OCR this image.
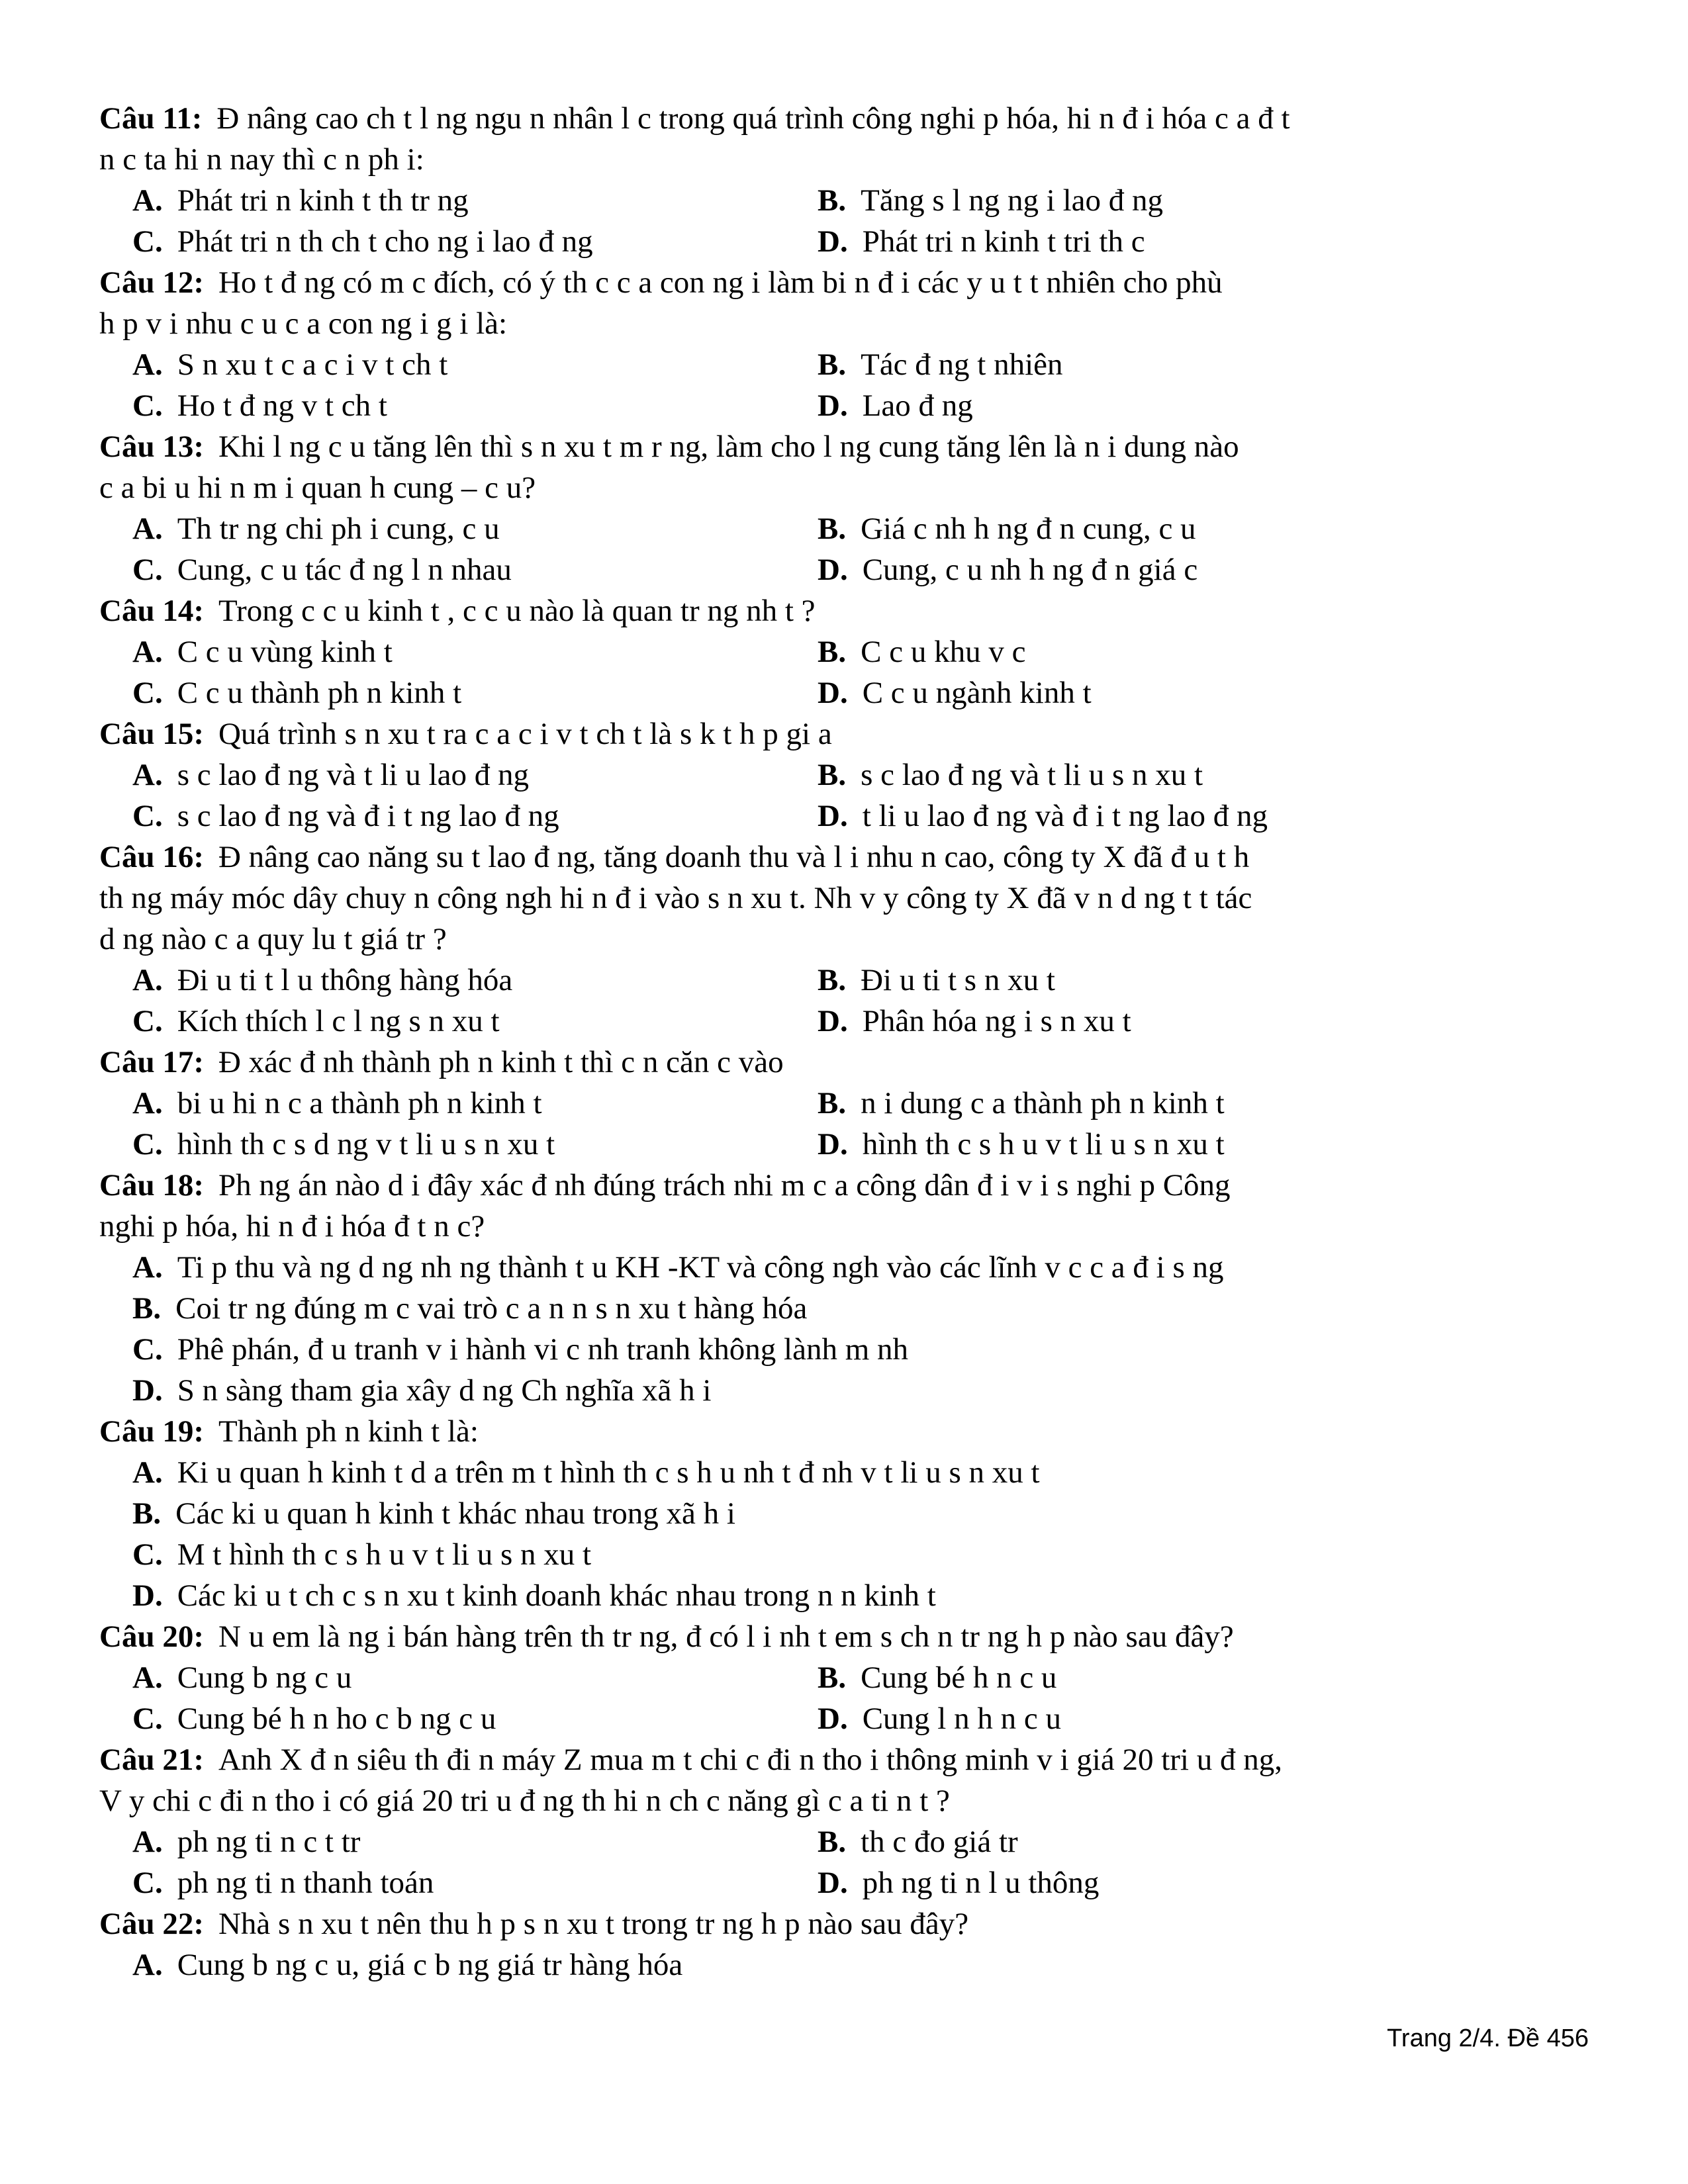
Câu 11: Đ nâng cao ch t l ng ngu n nhân l c trong quá trình công nghi p hóa, hi n đ i hóa c a đ t
n c ta hi n nay thì c n ph i:
A. Phát tri n kinh t th tr ng	B. Tăng s l ng ng i lao đ ng
C. Phát tri n th ch t cho ng i lao đ ng	D. Phát tri n kinh t tri th c
Câu 12: Ho t đ ng có m c đích, có ý th c c a con ng i làm bi n đ i các y u t t nhiên cho phù
h p v i nhu c u c a con ng i g i là:
A. S n xu t c a c i v t ch t	B. Tác đ ng t nhiên
C. Ho t đ ng v t ch t	D. Lao đ ng
Câu 13: Khi l ng c u tăng lên thì s n xu t m r ng, làm cho l ng cung tăng lên là n i dung nào
c a bi u hi n m i quan h cung – c u?
A. Th tr ng chi ph i cung, c u	B. Giá c nh h ng đ n cung, c u
C. Cung, c u tác đ ng l n nhau	D. Cung, c u nh h ng đ n giá c
Câu 14: Trong c c u kinh t , c c u nào là quan tr ng nh t ?
A. C c u vùng kinh t	B. C c u khu v c
C. C c u thành ph n kinh t	D. C c u ngành kinh t
Câu 15: Quá trình s n xu t ra c a c i v t ch t là s k t h p gi a
A. s c lao đ ng và t li u lao đ ng	B. s c lao đ ng và t li u s n xu t
C. s c lao đ ng và đ i t ng lao đ ng	D. t li u lao đ ng và đ i t ng lao đ ng
Câu 16: Đ nâng cao năng su t lao đ ng, tăng doanh thu và l i nhu n cao, công ty X đã đ u t h
th ng máy móc dây chuy n công ngh hi n đ i vào s n xu t. Nh v y công ty X đã v n d ng t t tác
d ng nào c a quy lu t giá tr ?
A. Đi u ti t l u thông hàng hóa	B. Đi u ti t s n xu t
C. Kích thích l c l ng s n xu t	D. Phân hóa ng i s n xu t
Câu 17: Đ xác đ nh thành ph n kinh t thì c n căn c vào
A. bi u hi n c a thành ph n kinh t	B. n i dung c a thành ph n kinh t
C. hình th c s d ng v t li u s n xu t	D. hình th c s h u v t li u s n xu t
Câu 18: Ph ng án nào d i đây xác đ nh đúng trách nhi m c a công dân đ i v i s nghi p Công
nghi p hóa, hi n đ i hóa đ t n c?
A. Ti p thu và ng d ng nh ng thành t u KH -KT và công ngh vào các lĩnh v c c a đ i s ng
B. Coi tr ng đúng m c vai trò c a n n s n xu t hàng hóa
C. Phê phán, đ u tranh v i hành vi c nh tranh không lành m nh
D. S n sàng tham gia xây d ng Ch nghĩa xã h i
Câu 19: Thành ph n kinh t là:
A. Ki u quan h kinh t d a trên m t hình th c s h u nh t đ nh v t li u s n xu t
B. Các ki u quan h kinh t khác nhau trong xã h i
C. M t hình th c s h u v t li u s n xu t
D. Các ki u t ch c s n xu t kinh doanh khác nhau trong n n kinh t
Câu 20: N u em là ng i bán hàng trên th tr ng, đ có l i nh t em s ch n tr ng h p nào sau đây?
A. Cung b ng c u	B. Cung bé h n c u
C. Cung bé h n ho c b ng c u	D. Cung l n h n c u
Câu 21: Anh X đ n siêu th đi n máy Z mua m t chi c đi n tho i thông minh v i giá 20 tri u đ ng,
V y chi c đi n tho i có giá 20 tri u đ ng th hi n ch c năng gì c a ti n t ?
A. ph ng ti n c t tr	B. th c đo giá tr
C. ph ng ti n thanh toán	D. ph ng ti n l u thông
Câu 22: Nhà s n xu t nên thu h p s n xu t trong tr ng h p nào sau đây?
A. Cung b ng c u, giá c b ng giá tr hàng hóa
Trang 2/4. Đề 456
